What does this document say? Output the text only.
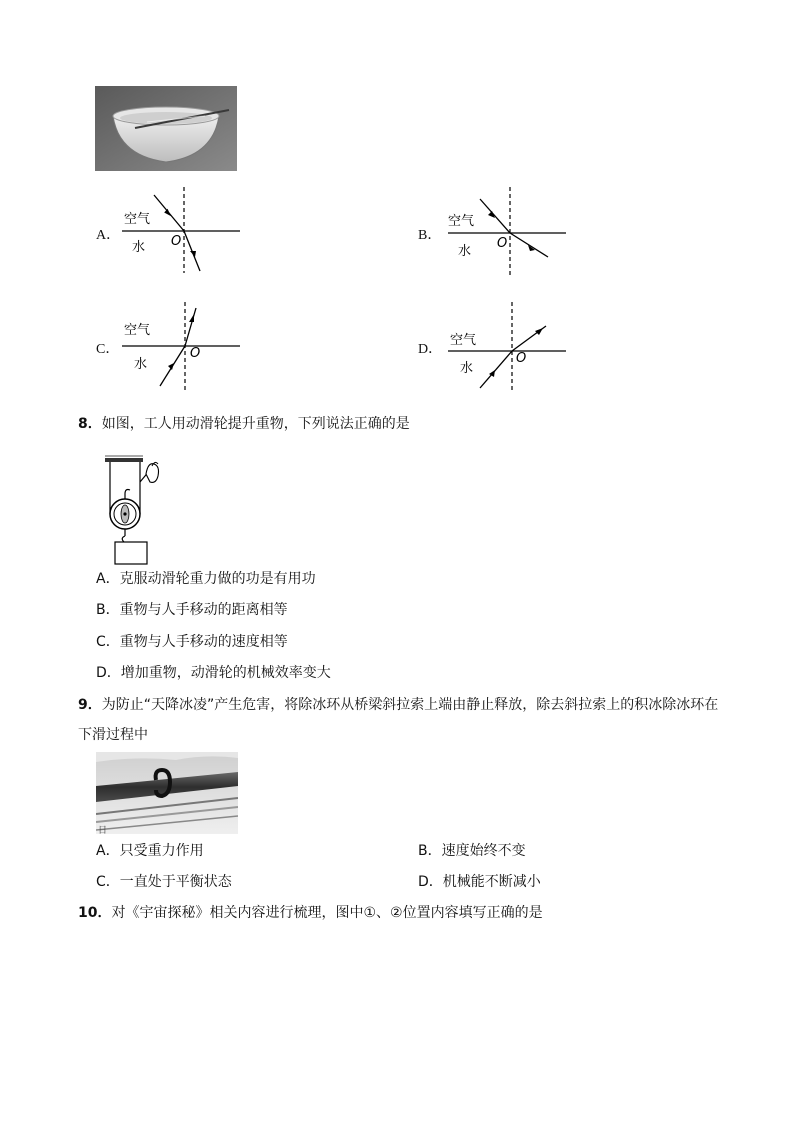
A．
空气
水 O	B．
空气
水
O
C．
空气
水
O	D．
空气
水
O
8．如图，工人用动滑轮提升重物，下列说法正确的是
A．克服动滑轮重力做的功是有用功
B．重物与人手移动的距离相等
C．重物与人手移动的速度相等
D．增加重物，动滑轮的机械效率变大
9．为防止“天降冰凌”产生危害，将除冰环从桥梁斜拉索上端由静止释放，除去斜拉索上的积冰除冰环在
下滑过程中
日
A．只受重力作用	B．速度始终不变
C．一直处于平衡状态	D．机械能不断减小
10．对《宇宙探秘》相关内容进行梳理，图中①、②位置内容填写正确的是
